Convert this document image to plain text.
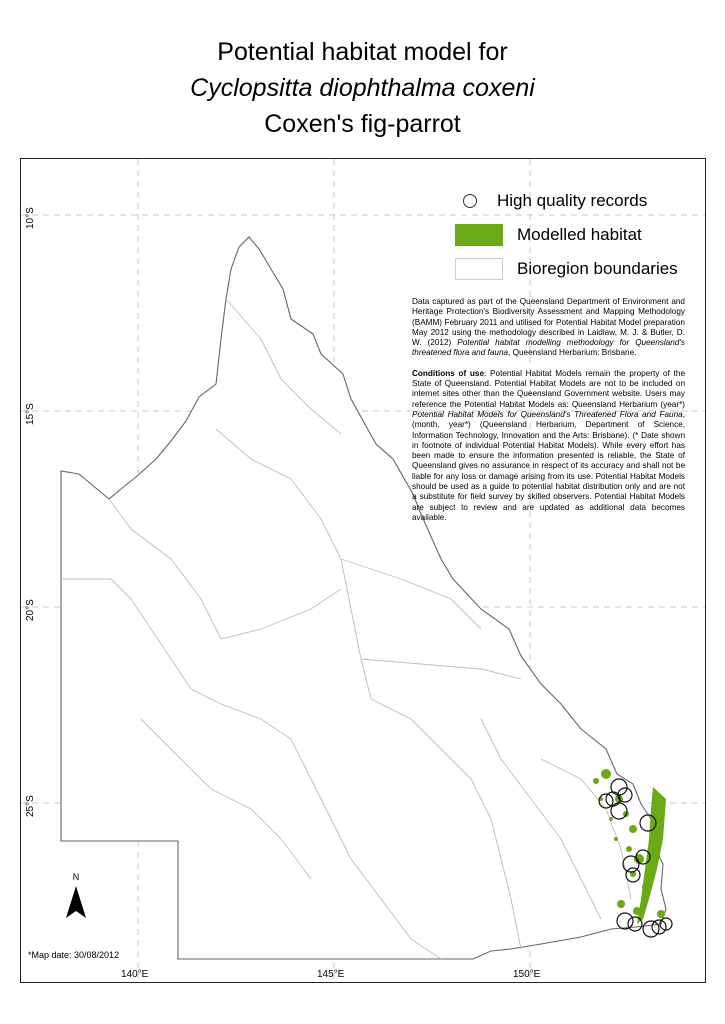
Potential habitat model for
Cyclopsitta diophthalma coxeni
Coxen's fig-parrot
10°S
15°S
20°S
25°S
140°E	145°E	150°E
High quality records
Modelled habitat
Bioregion boundaries

Data captured as part of the Queensland Department of Environment and Heritage Protection's Biodiversity Assessment and Mapping Methodology (BAMM) February 2011 and utilised for Potential Habitat Model preparation May 2012 using the methodology described in Laidlaw, M. J. & Butler, D. W. (2012) Potential habitat modelling methodology for Queensland's threatened flora and fauna, Queensland Herbarium: Brisbane.

Conditions of use: Potential Habitat Models remain the property of the State of Queensland. Potential Habitat Models are not to be included on internet sites other than the Queensland Government website. Users may reference the Potential Habitat Models as: Queensland Herbarium (year*) Potential Habitat Models for Queensland's Threatened Flora and Fauna, (month, year*) (Queensland Herbarium, Department of Science, Information Technology, Innovation and the Arts: Brisbane). (* Date shown in footnote of individual Potential Habitat Models). While every effort has been made to ensure the information presented is reliable, the State of Queensland gives no assurance in respect of its accuracy and shall not be liable for any loss or damage arising from its use. Potential Habitat Models should be used as a guide to potential habitat distribution only and are not a substitute for field survey by skilled observers. Potential Habitat Models are subject to review and are updated as additional data becomes available.

N
*Map date: 30/08/2012
